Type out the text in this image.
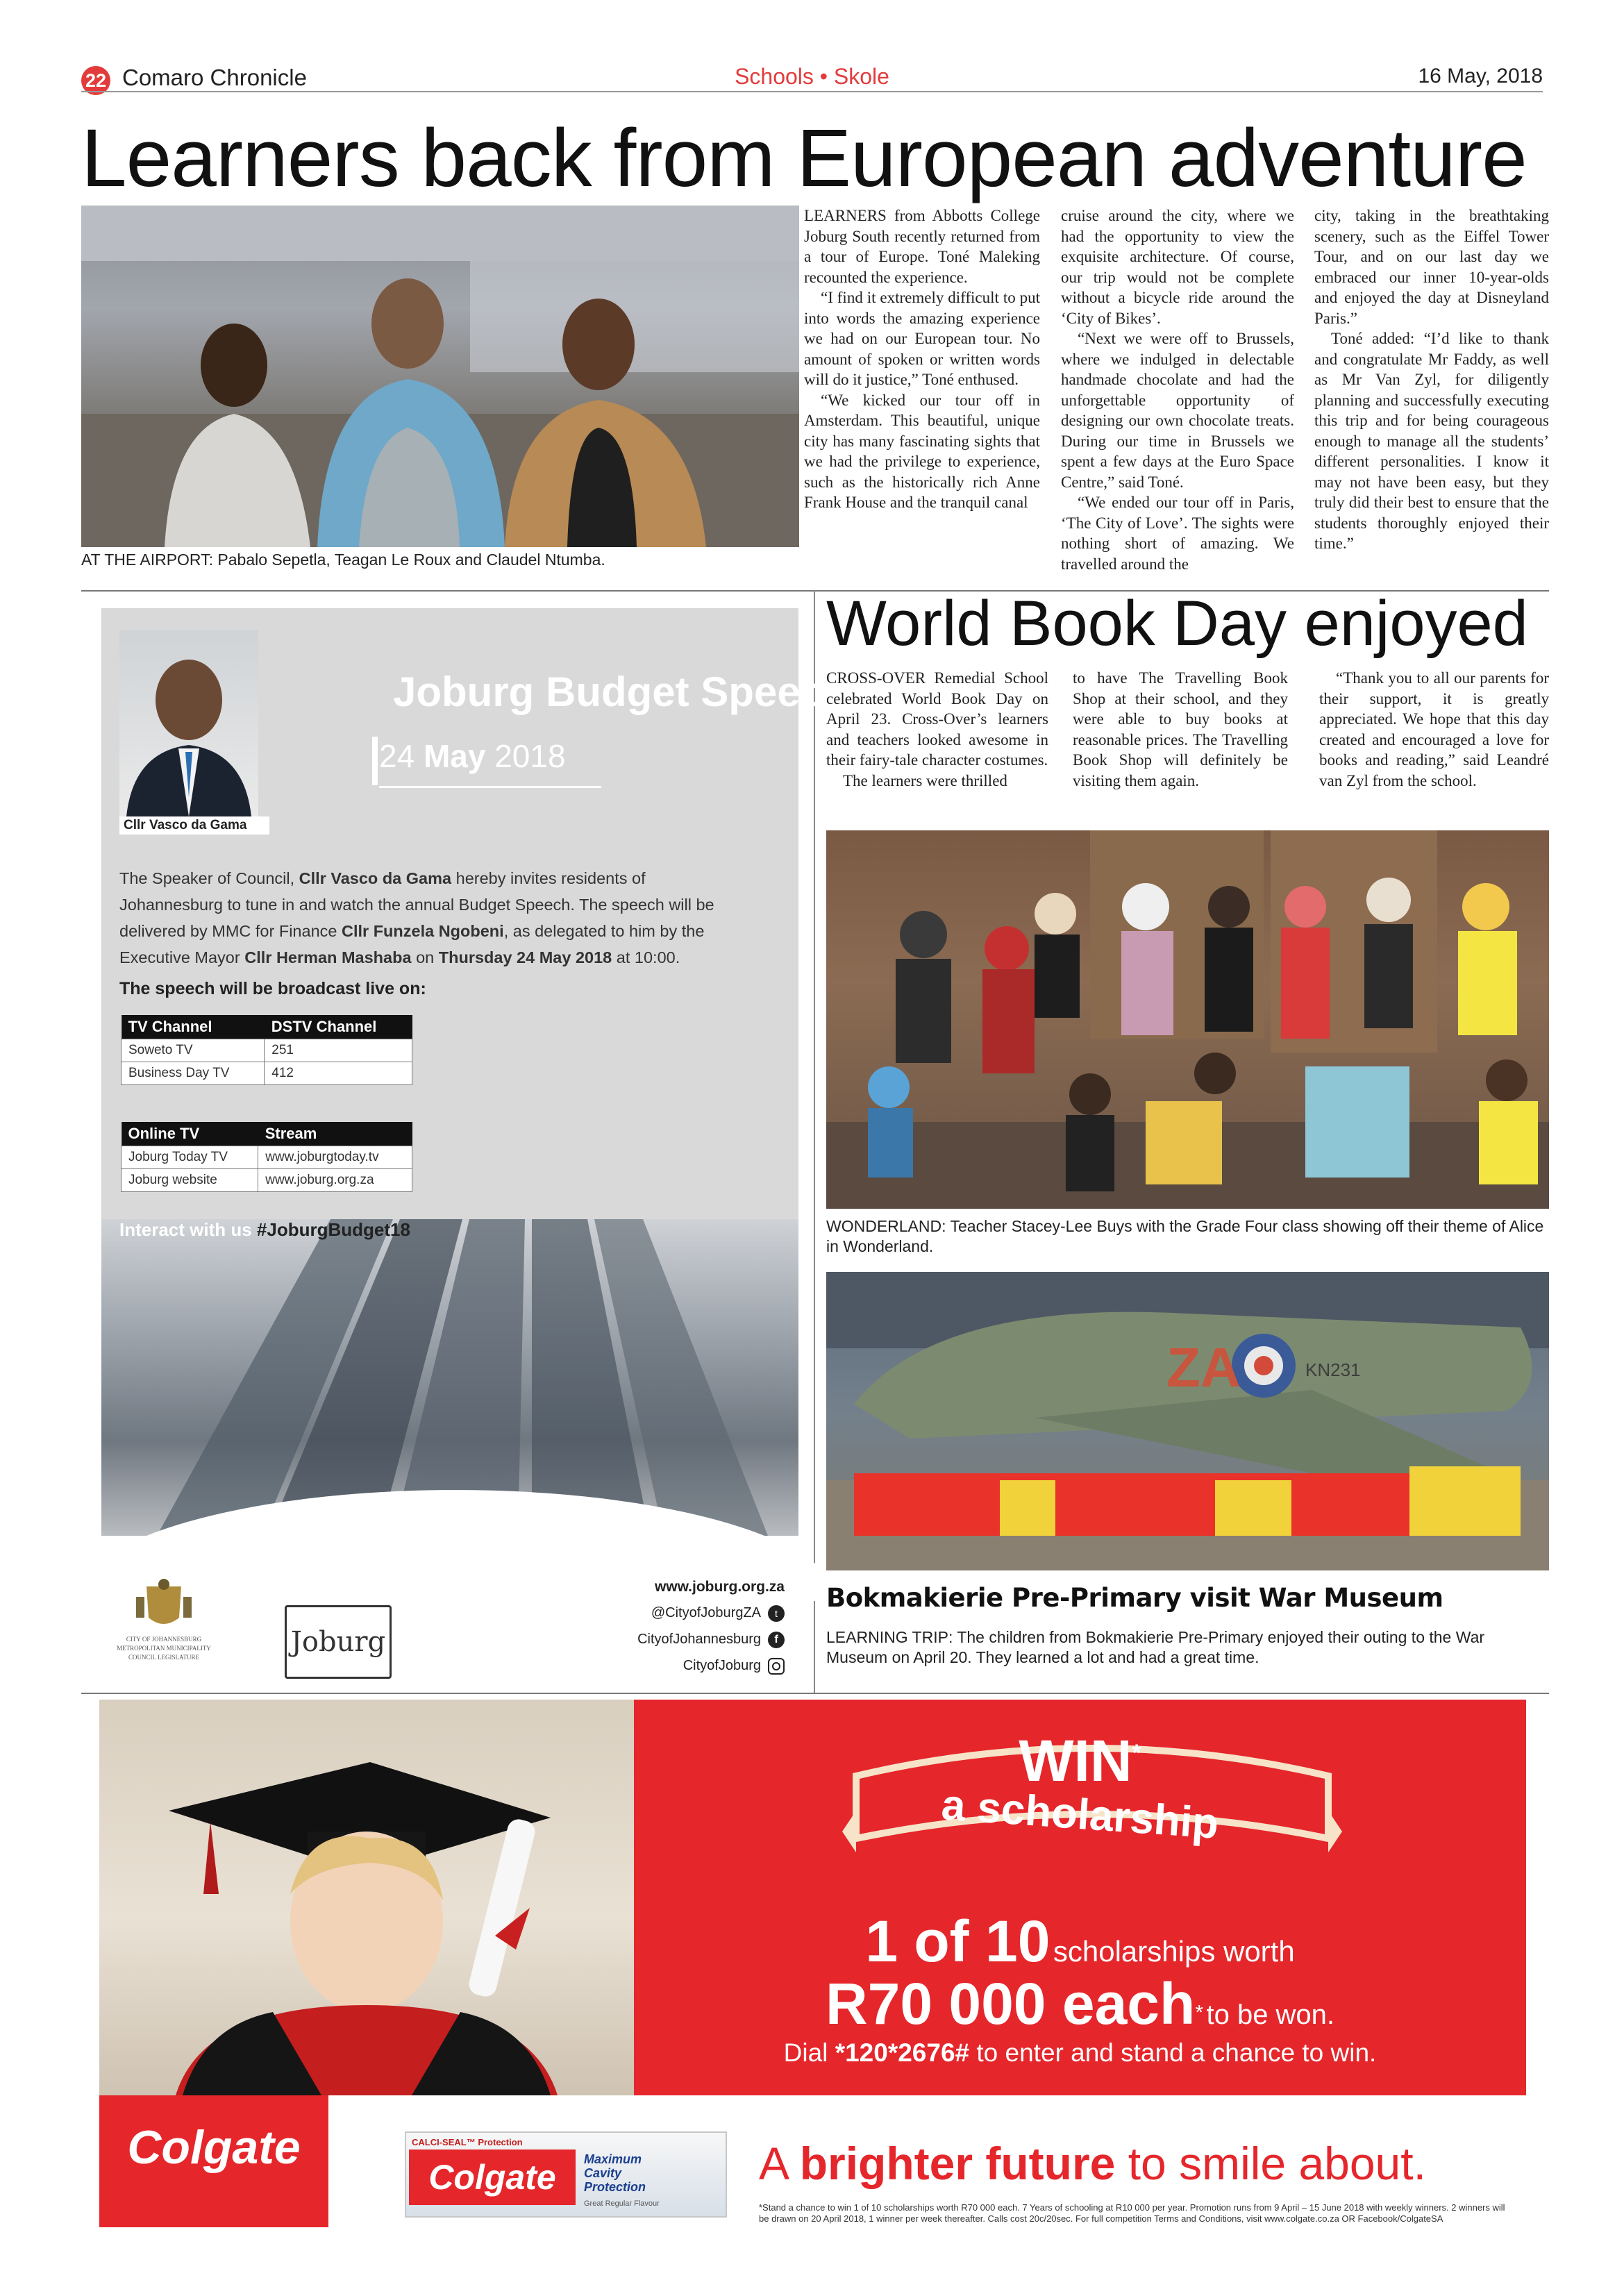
22 Comaro Chronicle	Schools • Skole	16 May, 2018
Learners back from European adventure
AT THE AIRPORT: Pabalo Sepetla, Teagan Le Roux and Claudel Ntumba.

LEARNERS from Abbotts College Joburg South recently returned from a tour of Europe. Toné Maleking recounted the experience.

“I find it extremely difficult to put into words the amazing experience we had on our European tour. No amount of spoken or written words will do it justice,” Toné enthused.

“We kicked our tour off in Amsterdam. This beautiful, unique city has many fascinating sights that we had the privilege to experience, such as the historically rich Anne Frank House and the tranquil canal

cruise around the city, where we had the opportunity to view the exquisite architecture. Of course, our trip would not be complete without a bicycle ride around the ‘City of Bikes’.

“Next we were off to Brussels, where we indulged in delectable handmade chocolate and had the unforgettable opportunity of designing our own chocolate treats. During our time in Brussels we spent a few days at the Euro Space Centre,” said Toné.

“We ended our tour off in Paris, ‘The City of Love’. The sights were nothing short of amazing. We travelled around the

city, taking in the breathtaking scenery, such as the Eiffel Tower Tour, and on our last day we embraced our inner 10-year-olds and enjoyed the day at Disneyland Paris.”

Toné added: “I’d like to thank and congratulate Mr Faddy, as well as Mr Van Zyl, for diligently planning and successfully executing this trip and for being courageous enough to manage all the students’ different personalities. I know it may not have been easy, but they truly did their best to ensure that the students thoroughly enjoyed their time.”

Cllr Vasco da Gama
Joburg Budget Speech
24 May 2018
The Speaker of Council, Cllr Vasco da Gama hereby invites residents of Johannesburg to tune in and watch the annual Budget Speech. The speech will be delivered by MMC for Finance Cllr Funzela Ngobeni, as delegated to him by the Executive Mayor Cllr Herman Mashaba on Thursday 24 May 2018 at 10:00.
The speech will be broadcast live on:
TV Channel	DSTV Channel
Soweto TV	251
Business Day TV	412
Online TV	Stream
Joburg Today TV	www.joburgtoday.tv
Joburg website	www.joburg.org.za
Interact with us #JoburgBudget18
CITY OF JOHANNESBURG
METROPOLITAN MUNICIPALITY
COUNCIL LEGISLATURE	Joburg
www.joburg.org.za
@CityofJoburgZA	t
CityofJohannesburg	f
CityofJoburg
World Book Day enjoyed

CROSS-OVER Remedial School celebrated World Book Day on April 23. Cross-Over’s learners and teachers looked awesome in their fairy-tale character costumes.

The learners were thrilled

to have The Travelling Book Shop at their school, and they were able to buy books at reasonable prices. The Travelling Book Shop will definitely be visiting them again.

“Thank you to all our parents for their support, it is greatly appreciated. We hope that this day created and encouraged a love for books and reading,” said Leandré van Zyl from the school.

WONDERLAND: Teacher Stacey-Lee Buys with the Grade Four class showing off their theme of Alice in Wonderland.
ZA	KN231
Bokmakierie Pre-Primary visit War Museum
LEARNING TRIP: The children from Bokmakierie Pre-Primary enjoyed their outing to the War Museum on April 20. They learned a lot and had a great time.
WIN*
a scholarship
1 of 10 scholarships worth
R70 000 each* to be won.
Dial *120*2676# to enter and stand a chance to win.
Colgate	CALCI-SEAL™ Protection
Colgate	Maximum
Cavity
Protection
Great Regular Flavour
A brighter future to smile about.
*Stand a chance to win 1 of 10 scholarships worth R70 000 each. 7 Years of schooling at R10 000 per year. Promotion runs from 9 April – 15 June 2018 with weekly winners. 2 winners will be drawn on 20 April 2018, 1 winner per week thereafter. Calls cost 20c/20sec. For full competition Terms and Conditions, visit www.colgate.co.za OR Facebook/ColgateSA
